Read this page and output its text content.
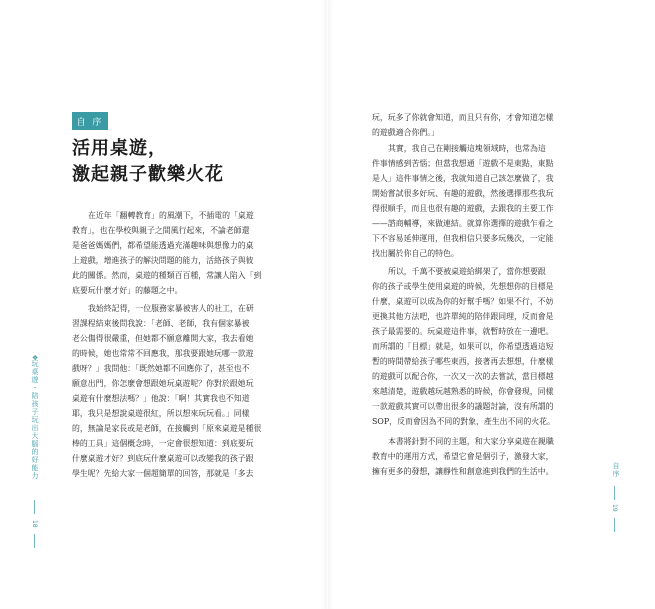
自 序
活用桌遊，
激起親子歡樂火花
在近年「翻轉教育」的風潮下，不插電的「桌遊
教育」，也在學校與親子之間風行起來，不論老師還
是爸爸媽媽們，都希望能透過充滿趣味與想像力的桌
上遊戲，增進孩子的解決問題的能力，活絡孩子與彼
此的關係。然而，桌遊的種類百百種，常讓人陷入「到
底要玩什麼才好」的藤題之中。
我始終記得，一位服務家暴被害人的社工，在研
習課程結束後問我說：「老師、老師，我有個家暴被
老公傷得很嚴重，但她都不願意離開大家，我去看她
的時候，她也常常不回應我，那我要跟她玩哪一款遊
戲呀？」我問他：「既然她都不回應你了，甚至也不
願意出門，你怎麼會想跟她玩桌遊呢？你對於跟她玩
桌遊有什麼想法嗎？」他說：「啊！其實我也不知道
耶，我只是想說桌遊很紅，所以想來玩玩看。」同樣
的，無論是家長或是老師，在接觸到「原來桌遊是種很
棒的工具」這個概念時，一定會很想知道：到底要玩
什麼桌遊才好？到底玩什麼桌遊可以改變我的孩子跟
學生呢？先給大家一個超簡單的回答，那就是「多去
❖
玩桌遊・陪孩子玩出大腦的好能力
18
玩，玩多了你就會知道，而且只有你，才會知道怎樣
的遊戲適合你們。」
其實，我自己在剛接觸這塊領域時，也常為這
件事情感到苦惱；但當我想通「遊戲不是東點，東點
是人」這件事情之後，我就知道自己該怎麼做了，我
開始嘗試很多好玩、有趣的遊戲，然後選擇那些我玩
得很順手，而且也很有趣的遊戲，去跟我的主要工作
——諮商輔導，來做連結。就算你選擇的遊戲乍看之
下不容易延伸運用，但我相信只要多玩幾次，一定能
找出屬於你自己的特色。
所以，千萬不要被桌遊給綁架了，當你想要跟
你的孩子或學生使用桌遊的時候，先想想你的目標是
什麼，桌遊可以成為你的好幫手嗎？如果不行，不妨
更換其他方法吧，也許單純的陪伴跟同理，反而會是
孩子最需要的。玩桌遊這件事，就暫時放在一邊吧。
而所謂的「目標」就是，如果可以，你希望透過這短
暫的時間帶給孩子哪些東西，接著再去想想，什麼樣
的遊戲可以配合你，一次又一次的去嘗試，當目標越
來越清楚，遊戲越玩越熟悉的時候，你會發現，同樣
一款遊戲其實可以帶出很多的議題討論，沒有所謂的
SOP，反而會因為不同的對象，產生出不同的火花。
本書將針對不同的主題，和大家分享桌遊在親職
教育中的運用方式，希望它會是個引子，激發大家，
擁有更多的發想，讓靜性和創意進到我們的生活中。	自序
19
